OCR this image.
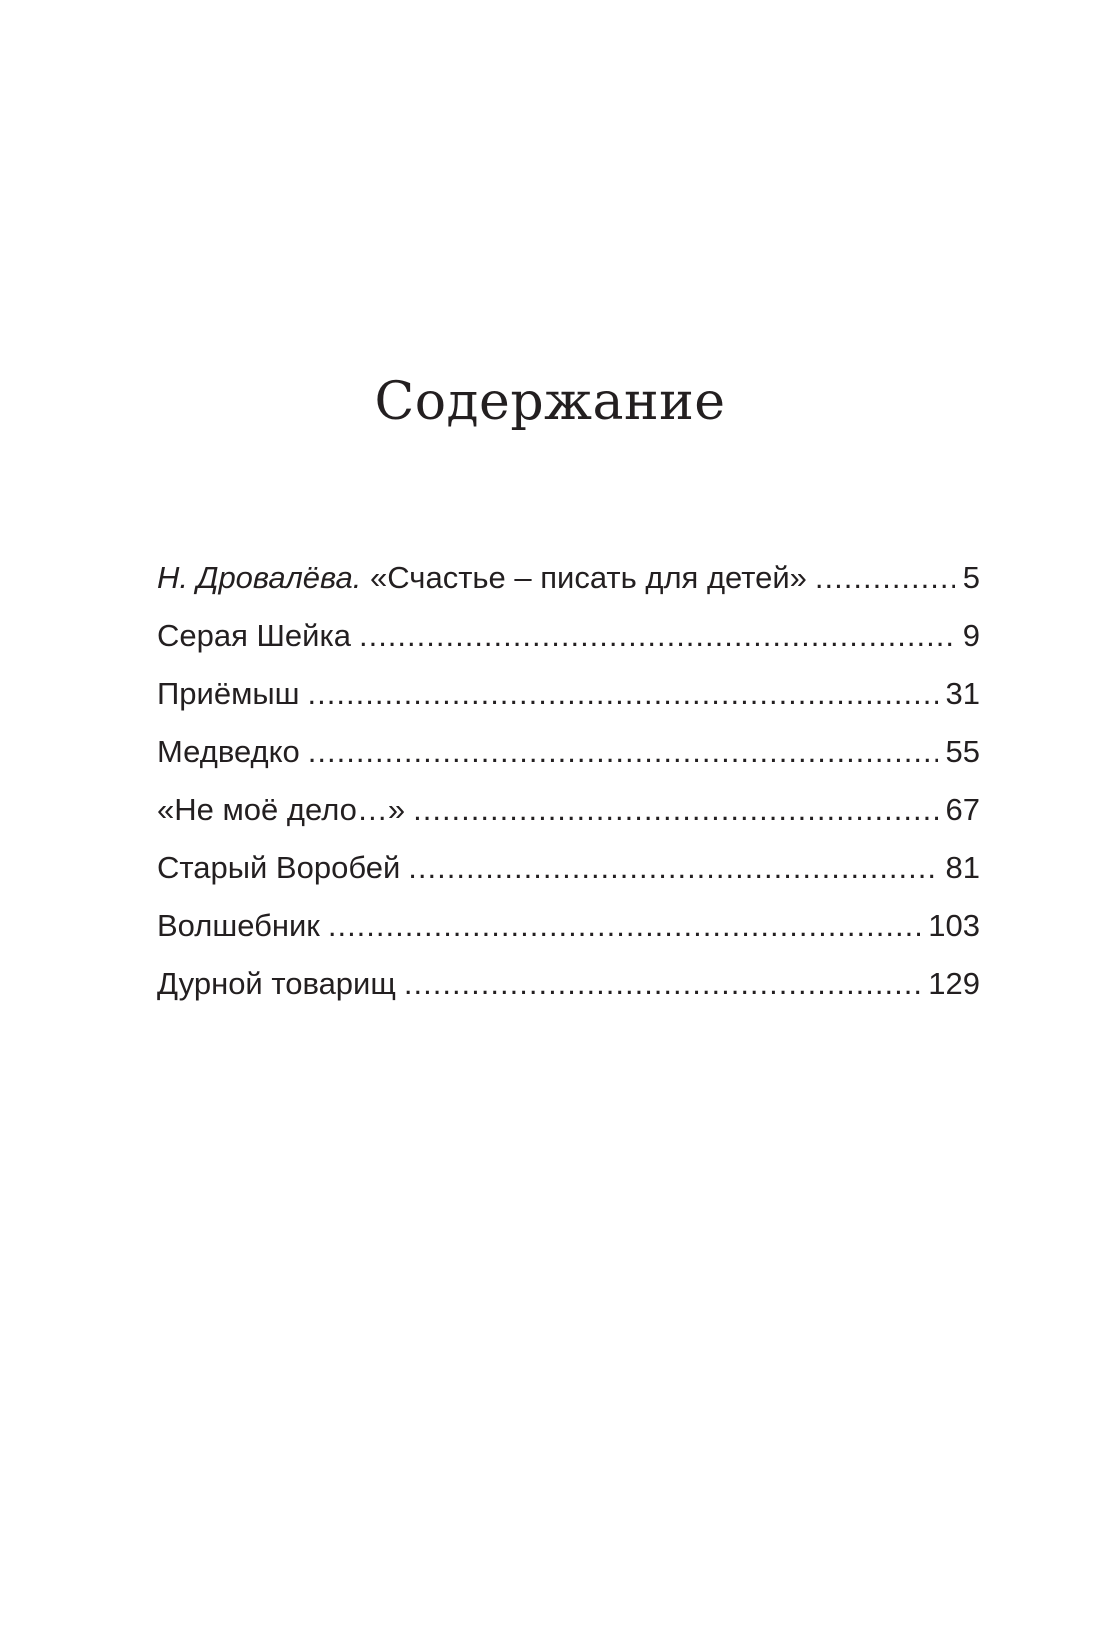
Содержание
Н. Дровалёва. «Счастье – писать для детей» .....	5
Серая Шейка .....	9
Приёмыш .....	31
Медведко .....	55
«Не моё дело…» .....	67
Старый Воробей .....	81
Волшебник .....	103
Дурной товарищ .....	129
